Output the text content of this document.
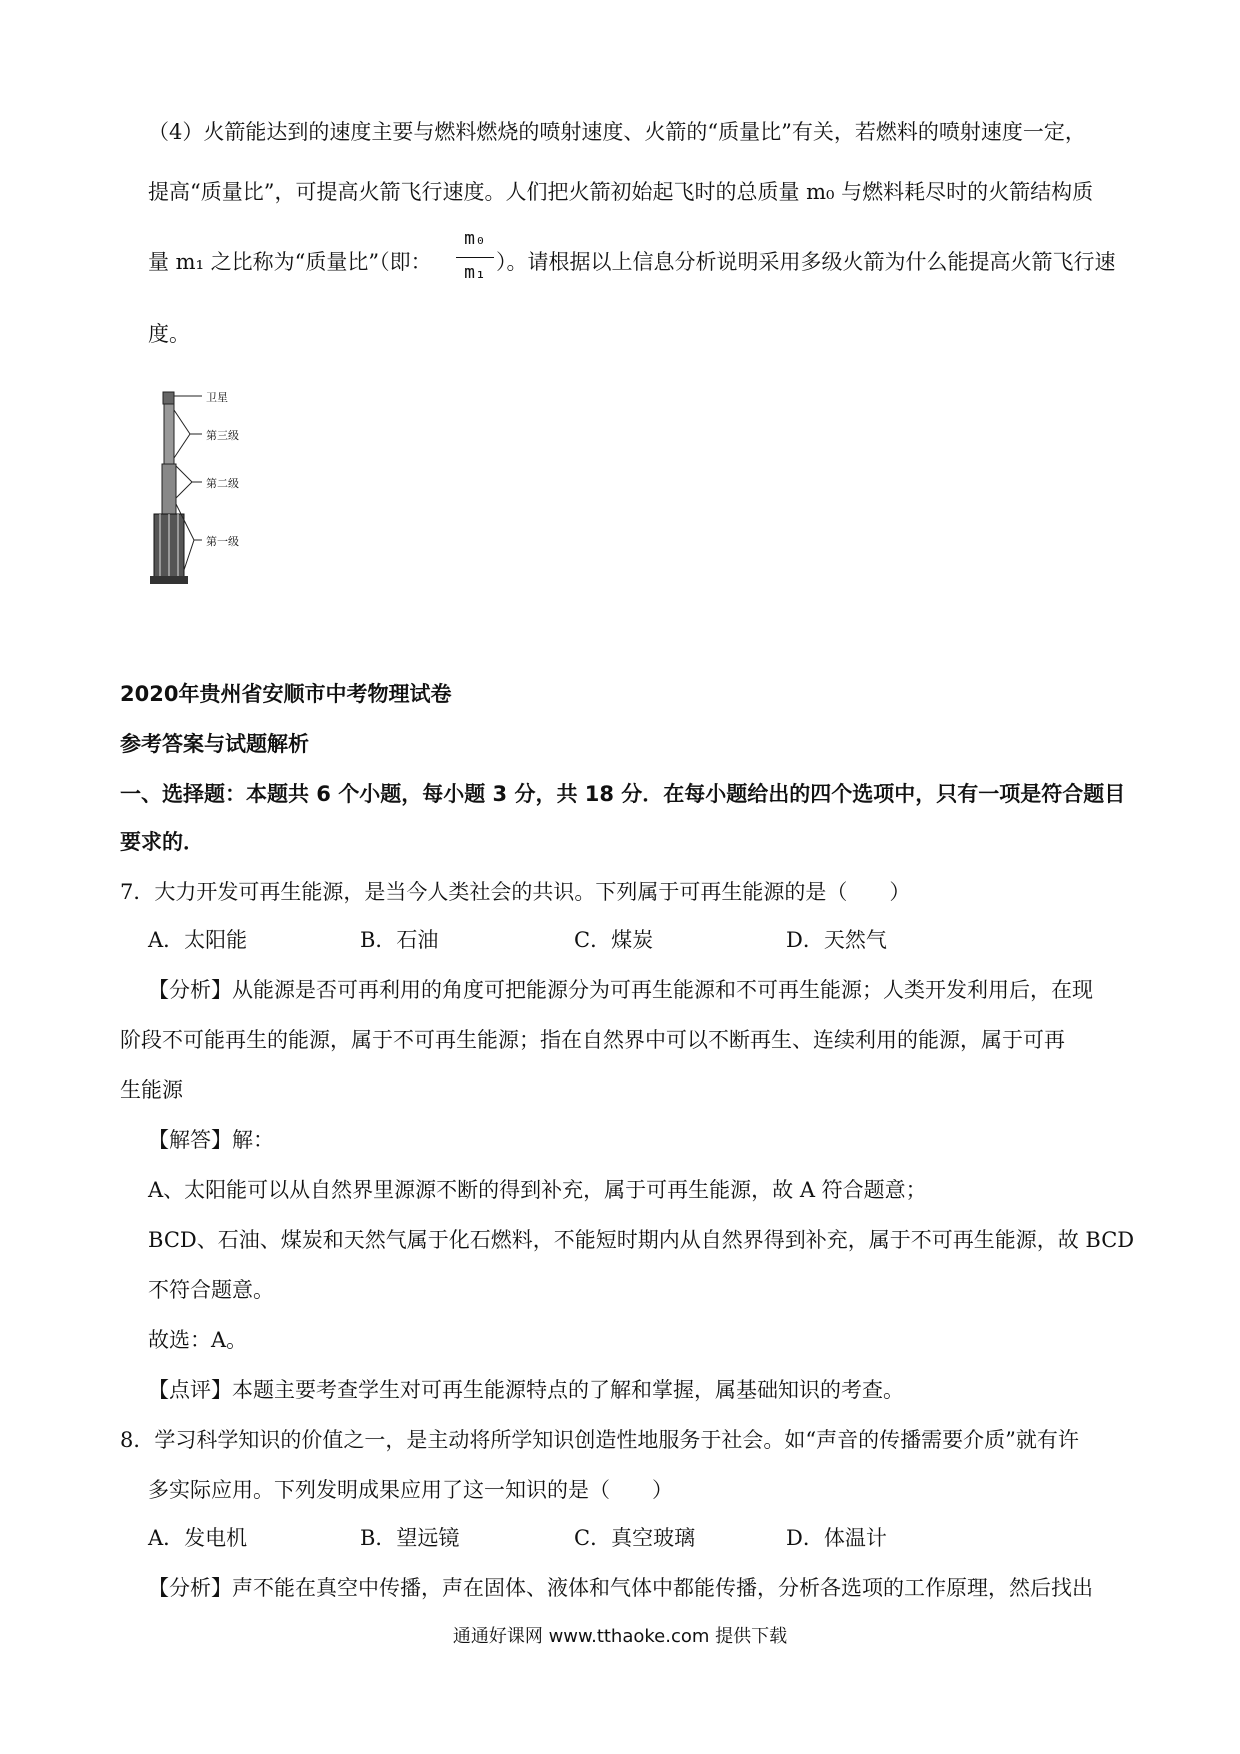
（4）火箭能达到的速度主要与燃料燃烧的喷射速度、火箭的“质量比”有关，若燃料的喷射速度一定，
提高“质量比”，可提高火箭飞行速度。人们把火箭初始起飞时的总质量 m₀ 与燃料耗尽时的火箭结构质
量 m₁ 之比称为“质量比”（即：
m₀
m₁ ）。请根据以上信息分析说明采用多级火箭为什么能提高火箭飞行速
度。
卫星
第三级
第二级
第一级
2020年贵州省安顺市中考物理试卷
参考答案与试题解析
一、选择题：本题共 6 个小题，每小题 3 分，共 18 分．在每小题给出的四个选项中，只有一项是符合题目
要求的．
7．大力开发可再生能源，是当今人类社会的共识。下列属于可再生能源的是（　　）
A．太阳能	B．石油	C．煤炭	D．天然气
【分析】从能源是否可再利用的角度可把能源分为可再生能源和不可再生能源；人类开发利用后，在现
阶段不可能再生的能源，属于不可再生能源；指在自然界中可以不断再生、连续利用的能源，属于可再
生能源
【解答】解：
A、太阳能可以从自然界里源源不断的得到补充，属于可再生能源，故 A 符合题意；
BCD、石油、煤炭和天然气属于化石燃料，不能短时期内从自然界得到补充，属于不可再生能源，故 BCD
不符合题意。
故选：A。
【点评】本题主要考查学生对可再生能源特点的了解和掌握，属基础知识的考查。
8．学习科学知识的价值之一，是主动将所学知识创造性地服务于社会。如“声音的传播需要介质”就有许
多实际应用。下列发明成果应用了这一知识的是（　　）
A．发电机	B．望远镜	C．真空玻璃	D．体温计
【分析】声不能在真空中传播，声在固体、液体和气体中都能传播，分析各选项的工作原理，然后找出
通通好课网 www.tthaoke.com 提供下载
